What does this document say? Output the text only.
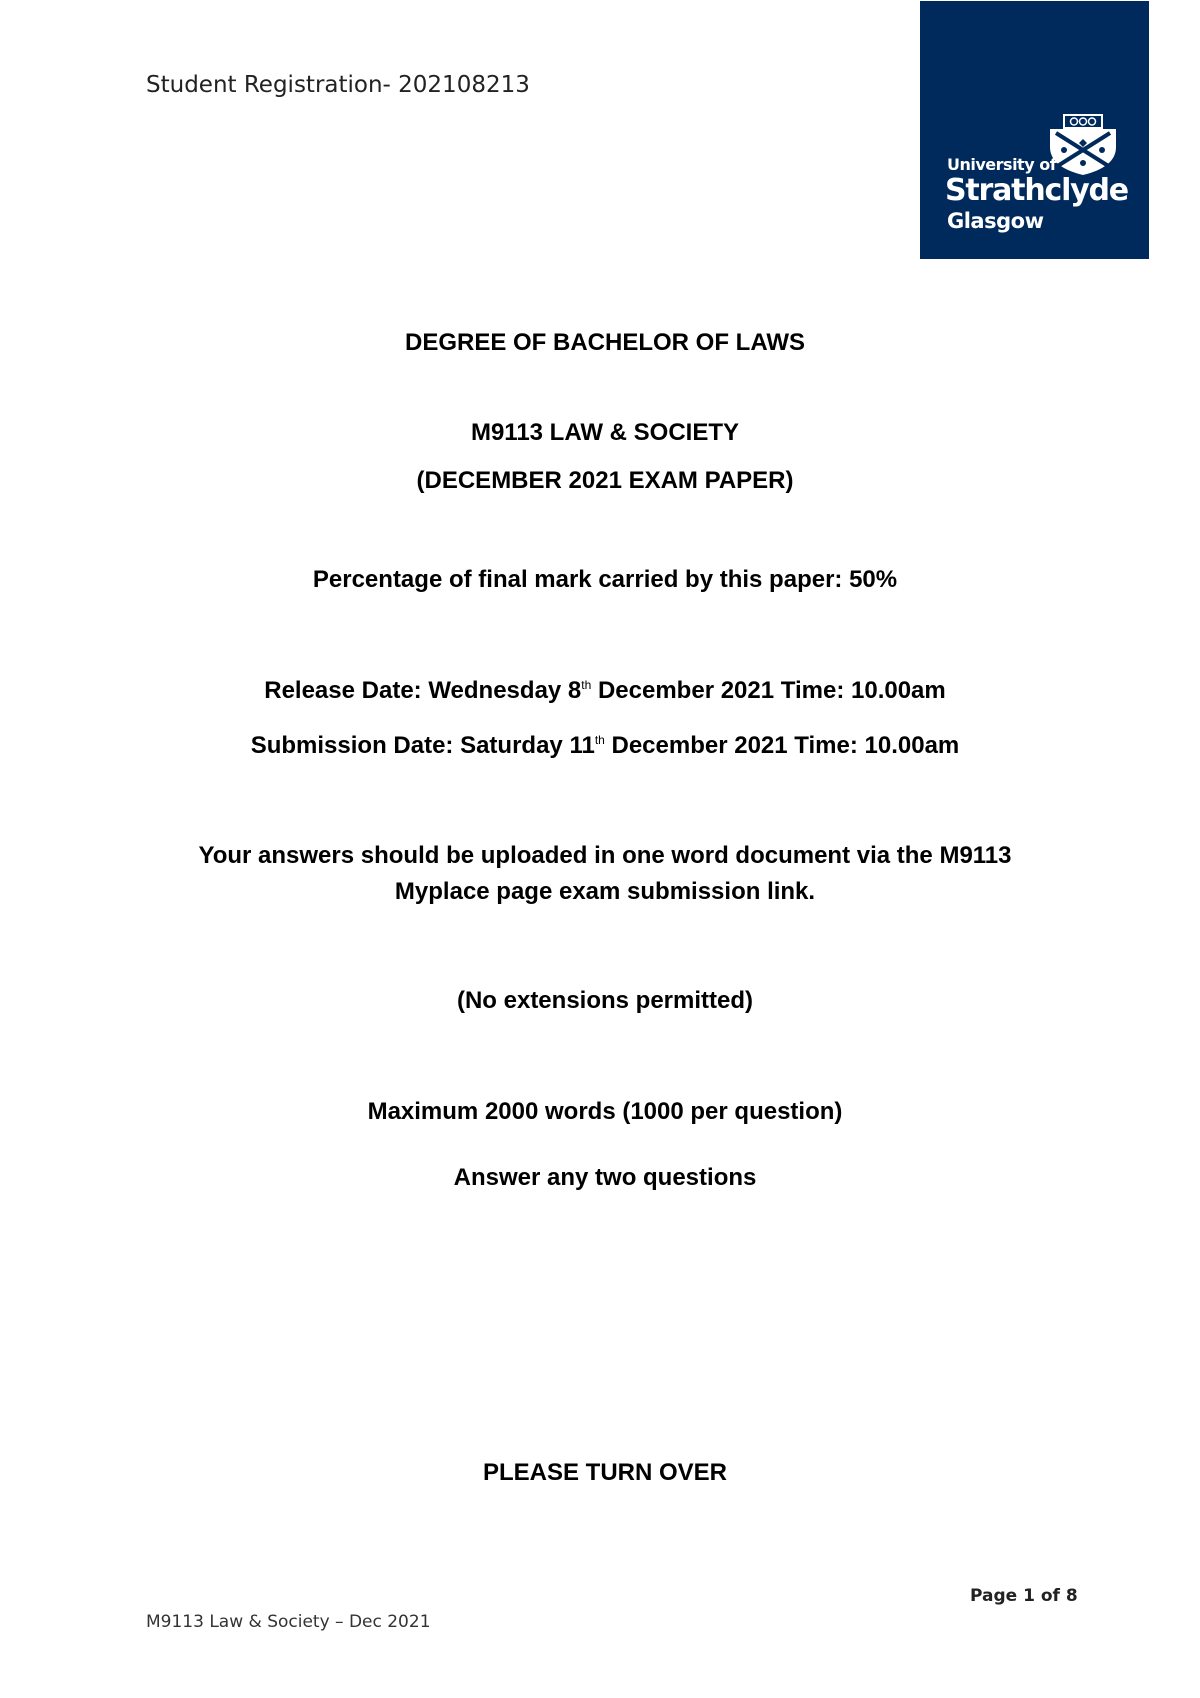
Student Registration- 202108213
University of
Strathclyde
Glasgow
DEGREE OF BACHELOR OF LAWS
M9113 LAW & SOCIETY
(DECEMBER 2021 EXAM PAPER)
Percentage of final mark carried by this paper: 50%
Release Date: Wednesday 8th December 2021 Time: 10.00am
Submission Date: Saturday 11th December 2021 Time: 10.00am
Your answers should be uploaded in one word document via the M9113
Myplace page exam submission link.
(No extensions permitted)
Maximum 2000 words (1000 per question)
Answer any two questions
PLEASE TURN OVER
Page 1 of 8
M9113 Law & Society – Dec 2021
